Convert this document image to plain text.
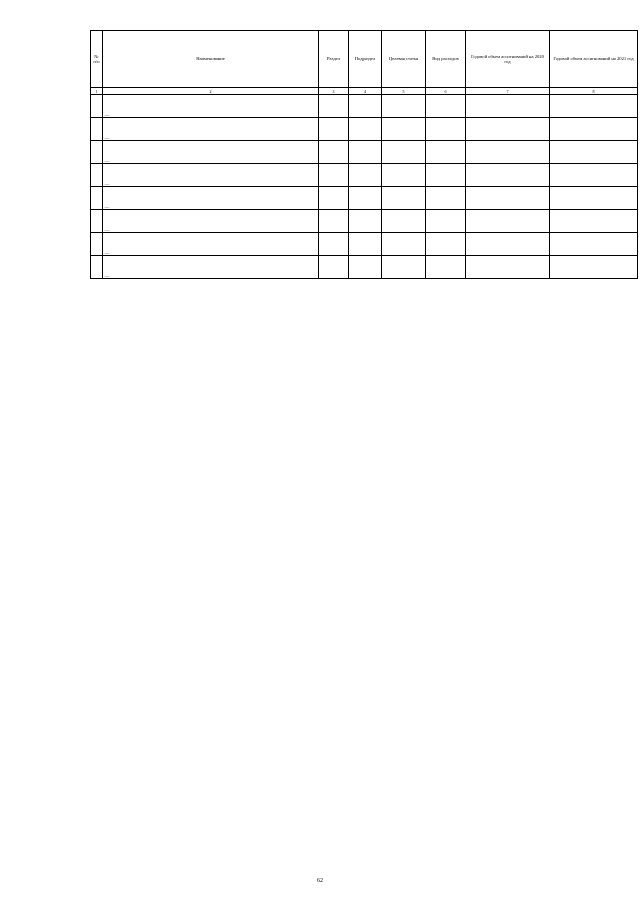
№ п/п	Наименование	Раздел	Подраздел	Целевая статья	Вид расходов	Годовой объем ассигнований на 2020 год	Годовой объем ассигнований на 2021 год
1	2	3	4	5	6	7	8
	—						
	—						
	—						
	—						
	—						
	—						
	—						
	—						
62
